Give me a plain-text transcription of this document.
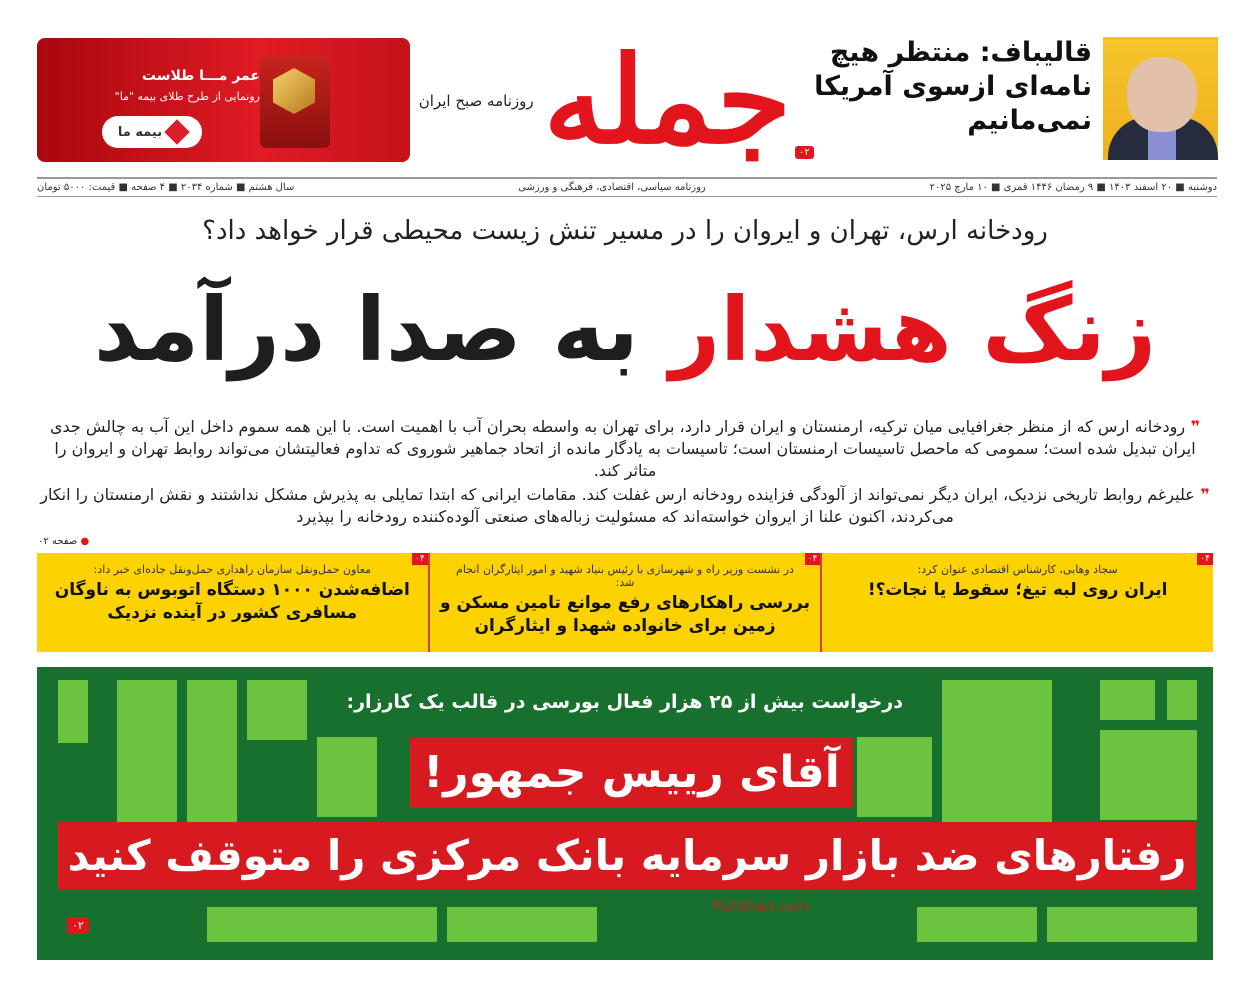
عمر مـــا طلاست
رونمایی از طرح طلای بیمه "ما"
بیمه ما	جمله
روزنامه صبح ایران
قالیباف: منتظر هیچ نامه‌ای ازسوی آمریکا نمی‌مانیم
۰۲
دوشنبه ■ ۲۰ اسفند ۱۴۰۳ ■ ۹ رمضان ۱۴۴۶ قمری ■ ۱۰ مارچ ۲۰۲۵
روزنامه سیاسی، اقتصادی، فرهنگی و ورزشی
سال هشتم ■ شماره ۲۰۳۴ ■ ۴ صفحه ■ قیمت: ۵۰۰۰ تومان
رودخانه ارس، تهران و ایروان را در مسیر تنش زیست محیطی قرار خواهد داد؟
زنگ هشدار به صدا درآمد

❞ رودخانه ارس که از منظر جغرافیایی میان ترکیه، ارمنستان و ایران قرار دارد، برای تهران به واسطه بحران آب با اهمیت است. با این همه سموم داخل این آب به چالش جدی ایران تبدیل شده است؛ سمومی که ماحصل تاسیسات ارمنستان است؛ تاسیسات به یادگار مانده از اتحاد جماهیر شوروی که تداوم فعالیتشان می‌تواند روابط تهران و ایروان را متاثر کند.

❞ علیرغم روابط تاریخی نزدیک، ایران دیگر نمی‌تواند از آلودگی فزاینده رودخانه ارس غفلت کند. مقامات ایرانی که ابتدا تمایلی به پذیرش مشکل نداشتند و نقش ارمنستان را انکار می‌کردند، اکنون علنا از ایروان خواسته‌اند که مسئولیت زباله‌های صنعتی آلوده‌کننده رودخانه را بپذیرد

● صفحه ۰۲
۰۴
سجاد وهابی، کارشناس اقتصادی عنوان کرد:
ایران روی لبه تیغ؛ سقوط یا نجات؟!
۰۴
در نشست وزیر راه و شهرسازی با رئیس بنیاد شهید و امور ایثارگران انجام شد:
بررسی راهکارهای رفع موانع تامین مسکن و زمین برای خانواده شهدا و ایثارگران
۰۴
معاون حمل‌ونقل سازمان راهداری حمل‌ونقل جاده‌ای خبر داد:
اضافه‌شدن ۱۰۰۰ دستگاه اتوبوس به ناوگان مسافری کشور در آینده نزدیک
درخواست بیش از ۲۵ هزار فعال بورسی در قالب یک کارزار:
آقای رییس جمهور!
رفتارهای ضد بازار سرمایه بانک مرکزی را متوقف کنید
۰۲
Pishkhan.com
